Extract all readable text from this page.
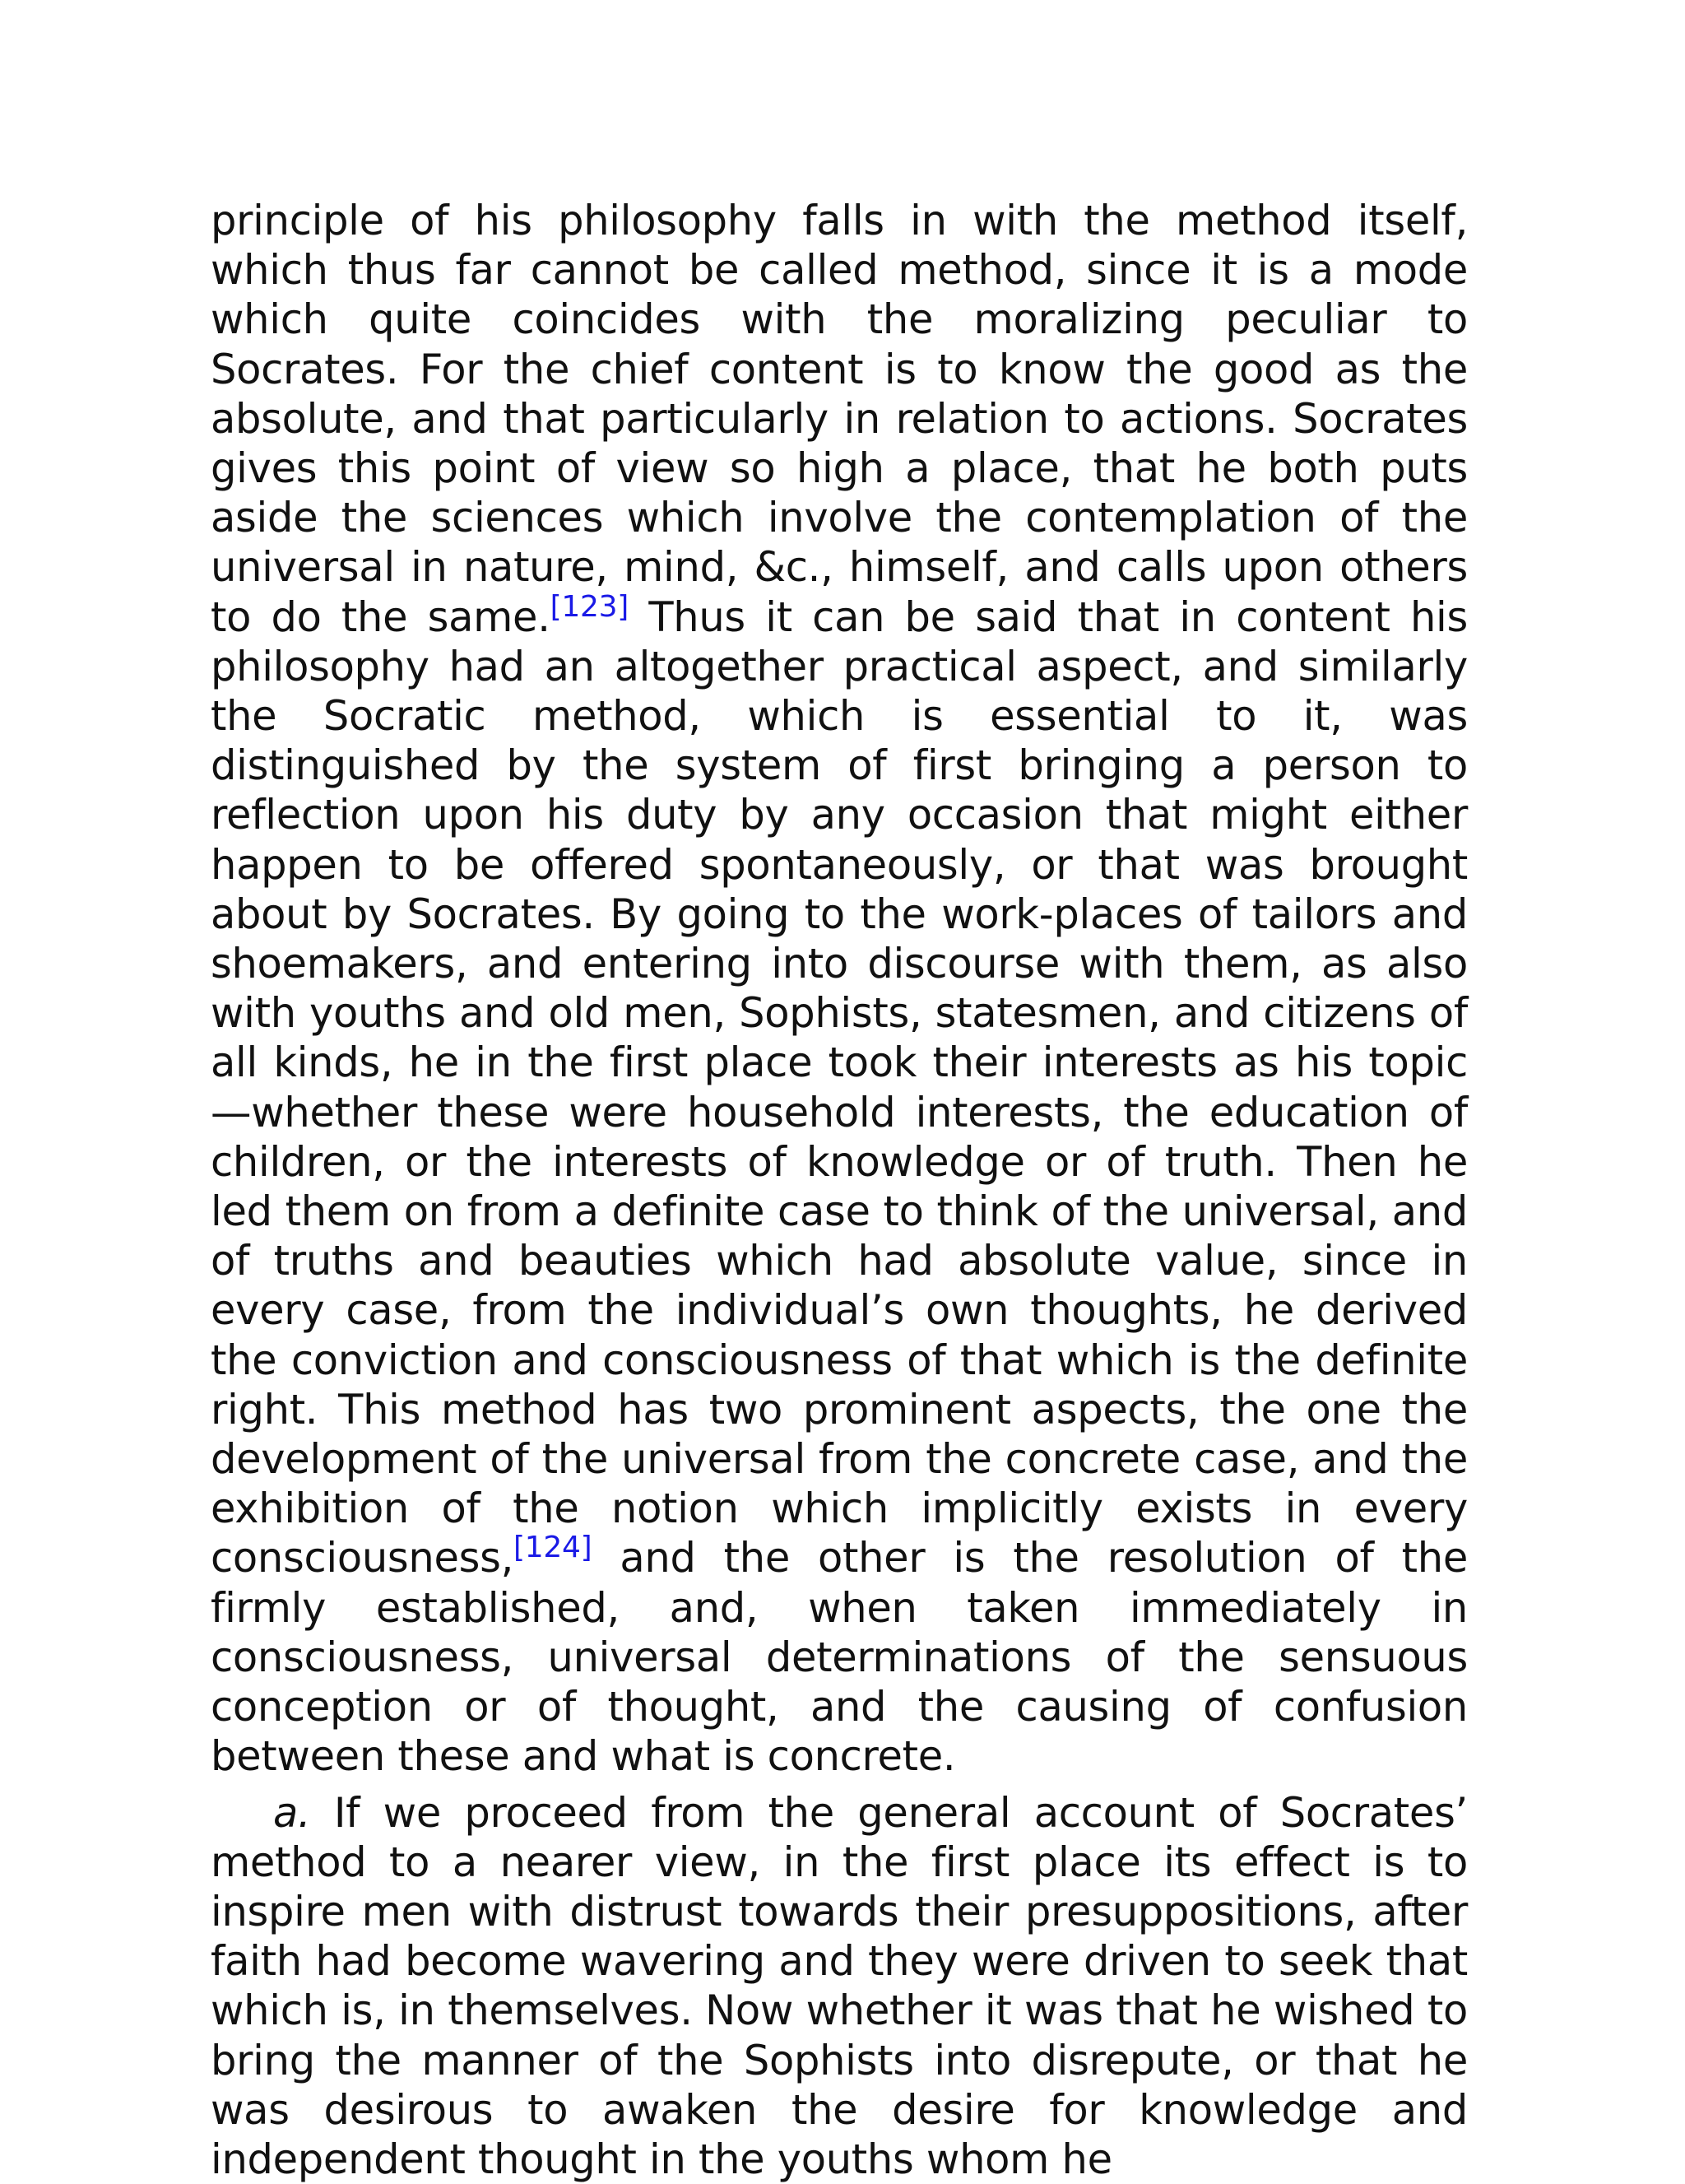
principle of his philosophy falls in with the method itself, which thus far cannot be called method, since it is a mode which quite coincides with the moralizing peculiar to Socrates. For the chief content is to know the good as the absolute, and that particularly in relation to actions. Socrates gives this point of view so high a place, that he both puts aside the sciences which involve the contemplation of the universal in nature, mind, &c., himself, and calls upon others to do the same.[123] Thus it can be said that in content his philosophy had an altogether practical aspect, and similarly the Socratic method, which is essential to it, was distinguished by the system of first bringing a person to reflection upon his duty by any occasion that might either happen to be offered spontaneously, or that was brought about by Socrates. By going to the work-places of tailors and shoemakers, and entering into discourse with them, as also with youths and old men, Sophists, statesmen, and citizens of all kinds, he in the first place took their interests as his topic—whether these were household interests, the education of children, or the interests of knowledge or of truth. Then he led them on from a definite case to think of the universal, and of truths and beauties which had absolute value, since in every case, from the individual’s own thoughts, he derived the conviction and consciousness of that which is the definite right. This method has two prominent aspects, the one the development of the universal from the concrete case, and the exhibition of the notion which implicitly exists in every consciousness,[124] and the other is the resolution of the firmly established, and, when taken immediately in consciousness, universal determinations of the sensuous conception or of thought, and the causing of confusion between these and what is concrete.

a. If we proceed from the general account of Socrates’ method to a nearer view, in the first place its effect is to inspire men with distrust towards their presuppositions, after faith had become wavering and they were driven to seek that which is, in themselves. Now whether it was that he wished to bring the manner of the Sophists into disrepute, or that he was desirous to awaken the desire for knowledge and independent thought in the youths whom he
